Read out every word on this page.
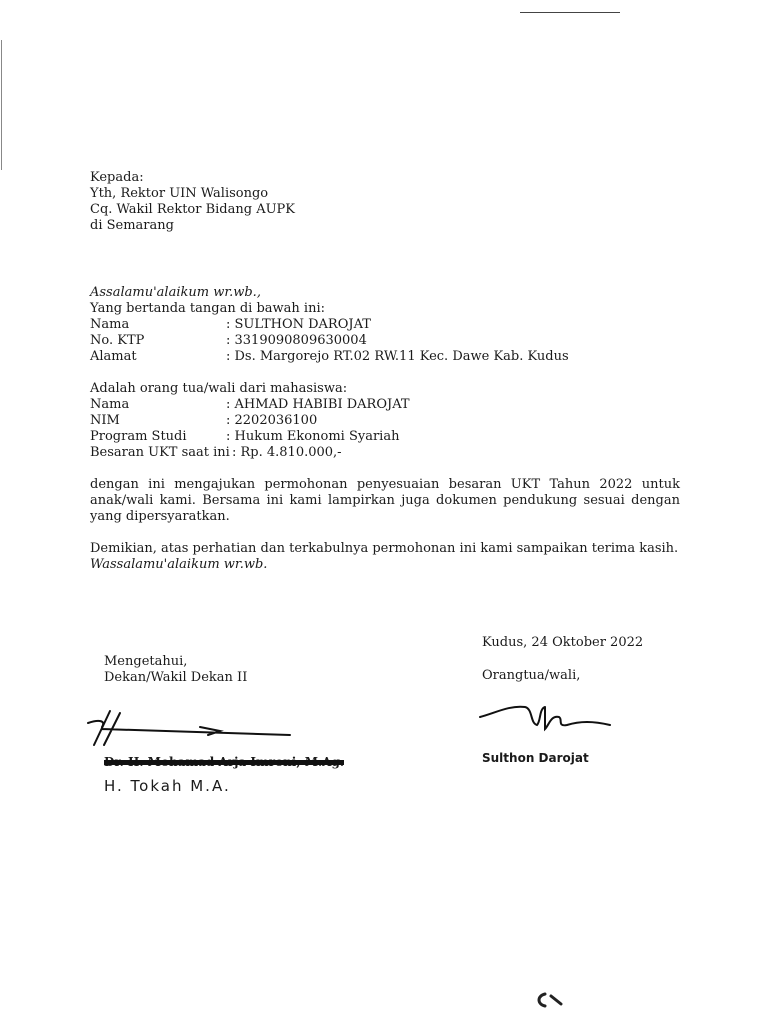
Kepada:
Yth, Rektor UIN Walisongo
Cq. Wakil Rektor Bidang AUPK
di Semarang
Assalamu'alaikum wr.wb.,
Yang bertanda tangan di bawah ini:
Nama	: SULTHON DAROJAT
No. KTP	: 3319090809630004
Alamat	: Ds. Margorejo RT.02 RW.11 Kec. Dawe Kab. Kudus
Adalah orang tua/wali dari mahasiswa:
Nama	: AHMAD HABIBI DAROJAT
NIM	: 2202036100
Program Studi	: Hukum Ekonomi Syariah
Besaran UKT saat ini : Rp. 4.810.000,-
dengan ini mengajukan permohonan penyesuaian besaran UKT Tahun 2022 untuk anak/wali kami. Bersama ini kami lampirkan juga dokumen pendukung sesuai dengan yang dipersyaratkan.
Demikian, atas perhatian dan terkabulnya permohonan ini kami sampaikan terima kasih.
Wassalamu'alaikum wr.wb.
Kudus, 24 Oktober 2022
Orangtua/wali,
Sulthon Darojat
Mengetahui,
Dekan/Wakil Dekan II
H. Tokah M.A.
